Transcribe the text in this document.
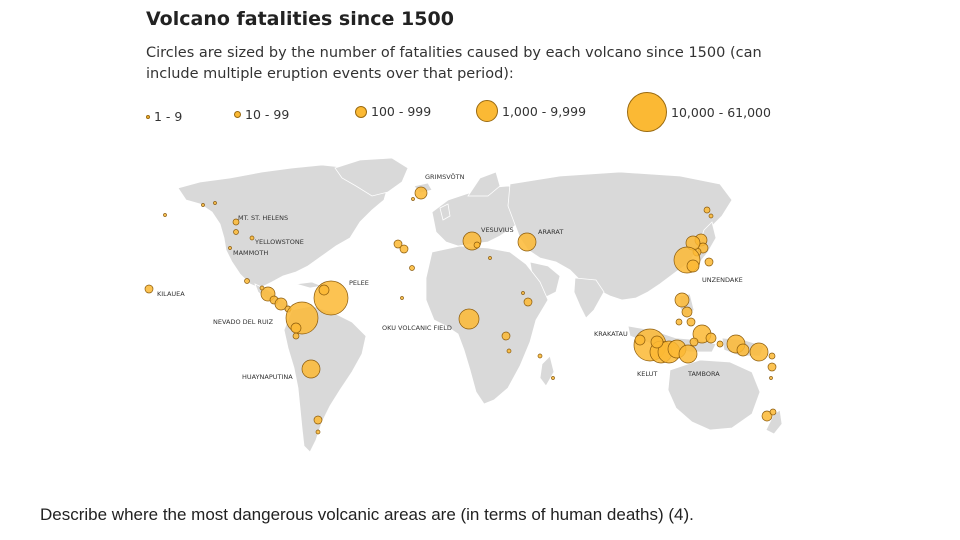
Volcano fatalities since 1500
Circles are sized by the number of fatalities caused by each volcano since 1500 (can include multiple eruption events over that period):
1 - 9	10 - 99	100 - 999	1,000 - 9,999	10,000 - 61,000
GRIMSVÖTN
MT. ST. HELENS
YELLOWSTONE
MAMMOTH
VESUVIUS	ARARAT
UNZENDAKE
KILAUEA
PELEE
NEVADO DEL RUIZ
OKU VOLCANIC FIELD
KRAKATAU
HUAYNAPUTINA	KELUT	TAMBORA
Describe where the most dangerous volcanic areas are (in terms of human deaths) (4).
